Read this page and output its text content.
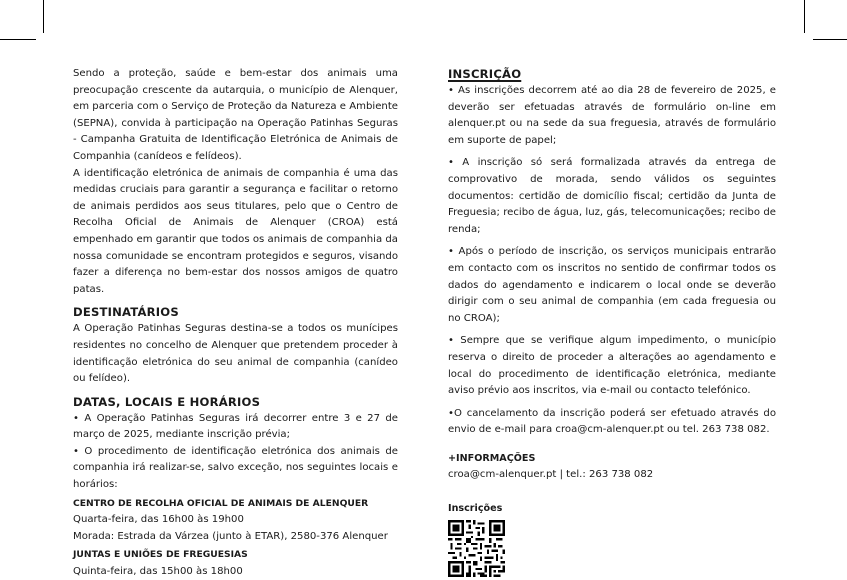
Sendo a proteção, saúde e bem-estar dos animais uma preocupação crescente da autarquia, o município de Alenquer, em parceria com o Serviço de Proteção da Natureza e Ambiente (SEPNA), convida à participação na Operação Patinhas Seguras - Campanha Gratuita de Identificação Eletrónica de Animais de Companhia (canídeos e felídeos).

A identificação eletrónica de animais de companhia é uma das medidas cruciais para garantir a segurança e facilitar o retorno de animais perdidos aos seus titulares, pelo que o Centro de Recolha Oficial de Animais de Alenquer (CROA) está empenhado em garantir que todos os animais de companhia da nossa comunidade se encontram protegidos e seguros, visando fazer a diferença no bem-estar dos nossos amigos de quatro patas.

DESTINATÁRIOS

A Operação Patinhas Seguras destina-se a todos os munícipes residentes no concelho de Alenquer que pretendem proceder à identificação eletrónica do seu animal de companhia (canídeo ou felídeo).

DATAS, LOCAIS E HORÁRIOS

• A Operação Patinhas Seguras irá decorrer entre 3 e 27 de março de 2025, mediante inscrição prévia;

• O procedimento de identificação eletrónica dos animais de companhia irá realizar-se, salvo exceção, nos seguintes locais e horários:

CENTRO DE RECOLHA OFICIAL DE ANIMAIS DE ALENQUER

Quarta-feira, das 16h00 às 19h00

Morada: Estrada da Várzea (junto à ETAR), 2580-376 Alenquer

JUNTAS E UNIÕES DE FREGUESIAS

Quinta-feira, das 15h00 às 18h00

INSCRIÇÃO

• As inscrições decorrem até ao dia 28 de fevereiro de 2025, e deverão ser efetuadas através de formulário on-line em alenquer.pt ou na sede da sua freguesia, através de formulário em suporte de papel;

• A inscrição só será formalizada através da entrega de comprovativo de morada, sendo válidos os seguintes documentos: certidão de domicílio fiscal; certidão da Junta de Freguesia; recibo de água, luz, gás, telecomunicações; recibo de renda;

• Após o período de inscrição, os serviços municipais entrarão em contacto com os inscritos no sentido de confirmar todos os dados do agendamento e indicarem o local onde se deverão dirigir com o seu animal de companhia (em cada freguesia ou no CROA);

• Sempre que se verifique algum impedimento, o município reserva o direito de proceder a alterações ao agendamento e local do procedimento de identificação eletrónica, mediante aviso prévio aos inscritos, via e-mail ou contacto telefónico.

•O cancelamento da inscrição poderá ser efetuado através do envio de e-mail para croa@cm-alenquer.pt ou tel. 263 738 082.

+INFORMAÇÕES

croa@cm-alenquer.pt | tel.: 263 738 082

Inscrições
